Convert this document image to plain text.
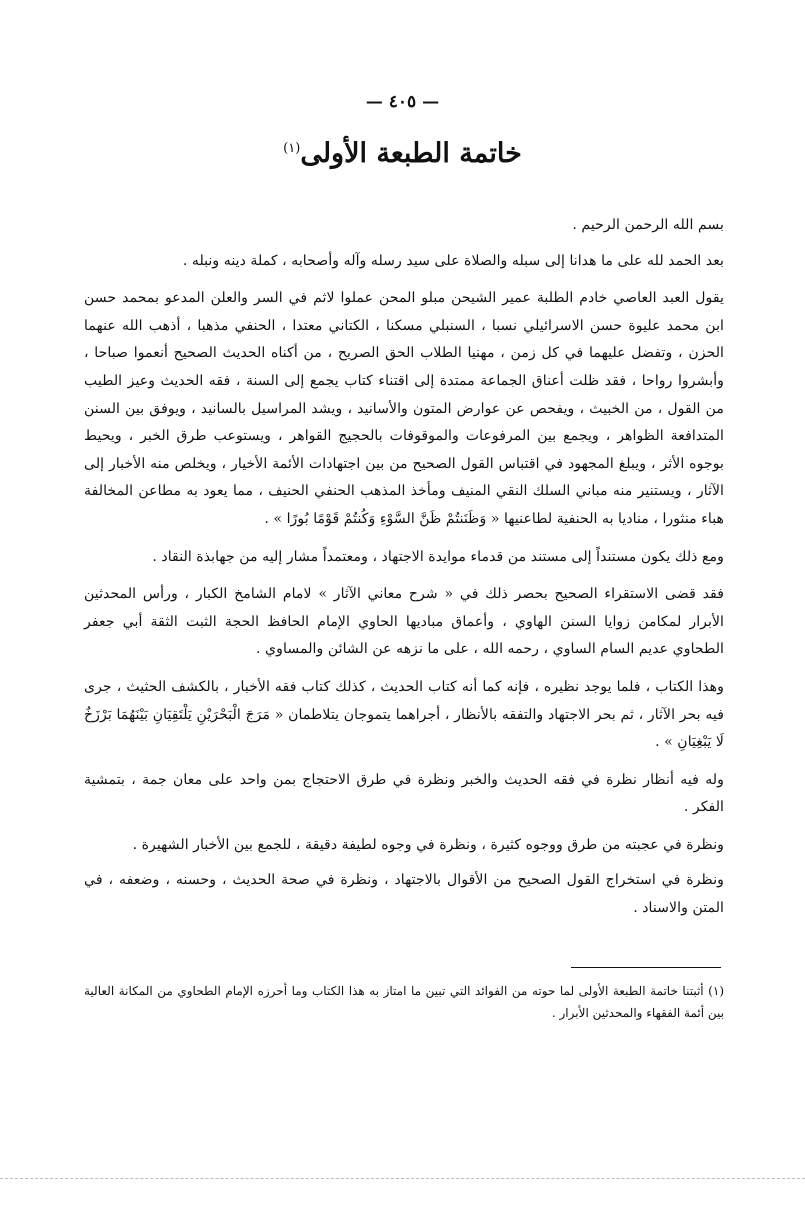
— ٤٠٥ —
خاتمة الطبعة الأولى$^{(١)}$

بسم الله الرحمن الرحيم .

بعد الحمد لله على ما هدانا إلى سبله والصلاة على سيد رسله وآله وأصحابه ، كملة دينه ونبله .

يقول العبد العاصي خادم الطلبة عمير الشيحن مبلو المحن عملوا لاثم في السر والعلن المدعو بمحمد حسن ابن محمد عليوة حسن الاسرائيلي نسبا ، السنبلي مسكنا ، الكتاني معتدا ، الحنفي مذهبا ، أذهب الله عنهما الحزن ، وتفضل عليهما في كل زمن ، مهنيا الطلاب الحق الصريح ، من أكناه الحديث الصحيح أنعموا صباحا ، وأبشروا رواحا ، فقد ظلت أعناق الجماعة ممتدة إلى اقتناء كتاب يجمع إلى السنة ، فقه الحديث وعيز الطيب من القول ، من الخبيث ، ويفحص عن عوارض المتون والأسانيد ، ويشد المراسيل بالسانيد ، ويوفق بين السنن المتدافعة الظواهر ، ويجمع بين المرفوعات والموقوفات بالحجيج القواهر ، ويستوعب طرق الخبر ، ويحيط بوجوه الأثر ، ويبلغ المجهود في اقتباس القول الصحيح من بين اجتهادات الأئمة الأخيار ، ويخلص منه الأخبار إلى الآثار ، ويستنير منه مباني السلك النقي المنيف ومأخذ المذهب الحنفي الحنيف ، مما يعود به مطاعن المخالفة هباء منثورا ، مناديا به الحنفية لطاعنيها « وَظَنَنتُمْ ظَنَّ السَّوْءِ وَكُنتُمْ قَوْمًا بُورًا » .

ومع ذلك يكون مستنداً إلى مستند من قدماء موايدة الاجتهاد ، ومعتمداً مشار إليه من جهابذة النقاد .

فقد قضى الاستقراء الصحيح بحصر ذلك في « شرح معاني الآثار » لامام الشامخ الكبار ، ورأس المحدثين الأبرار لمكامن زوايا السنن الهاوي ، وأعماق مباديها الحاوي الإمام الحافظ الحجة الثبت الثقة أبي جعفر الطحاوي عديم السام الساوي ، رحمه الله ، على ما نزهه عن الشائن والمساوي .

وهذا الكتاب ، فلما يوجد نظيره ، فإنه كما أنه كتاب الحديث ، كذلك كتاب فقه الأخبار ، بالكشف الحثيث ، جرى فيه بحر الآثار ، ثم بحر الاجتهاد والتفقه بالأنظار ، أجراهما يتموجان يتلاطمان « مَرَجَ الْبَحْرَيْنِ يَلْتَقِيَانِ بَيْنَهُمَا بَرْزَخٌ لَا يَبْغِيَانِ » .

وله فيه أنظار نظرة في فقه الحديث والخبر ونظرة في طرق الاحتجاج بمن واحد على معان جمة ، بتمشية الفكر .

ونظرة في عجبته من طرق ووجوه كثيرة ، ونظرة في وجوه لطيفة دقيقة ، للجمع بين الأخبار الشهيرة .

ونظرة في استخراج القول الصحيح من الأقوال بالاجتهاد ، ونظرة في صحة الحديث ، وحسنه ، وضعفه ، في المتن والاسناد .

(١) أثبتنا خاتمة الطبعة الأولى لما حوته من الفوائد التي تبين ما امتاز به هذا الكتاب وما أحرزه الإمام الطحاوي من المكانة العالية بين أئمة الفقهاء والمحدثين الأبرار .
